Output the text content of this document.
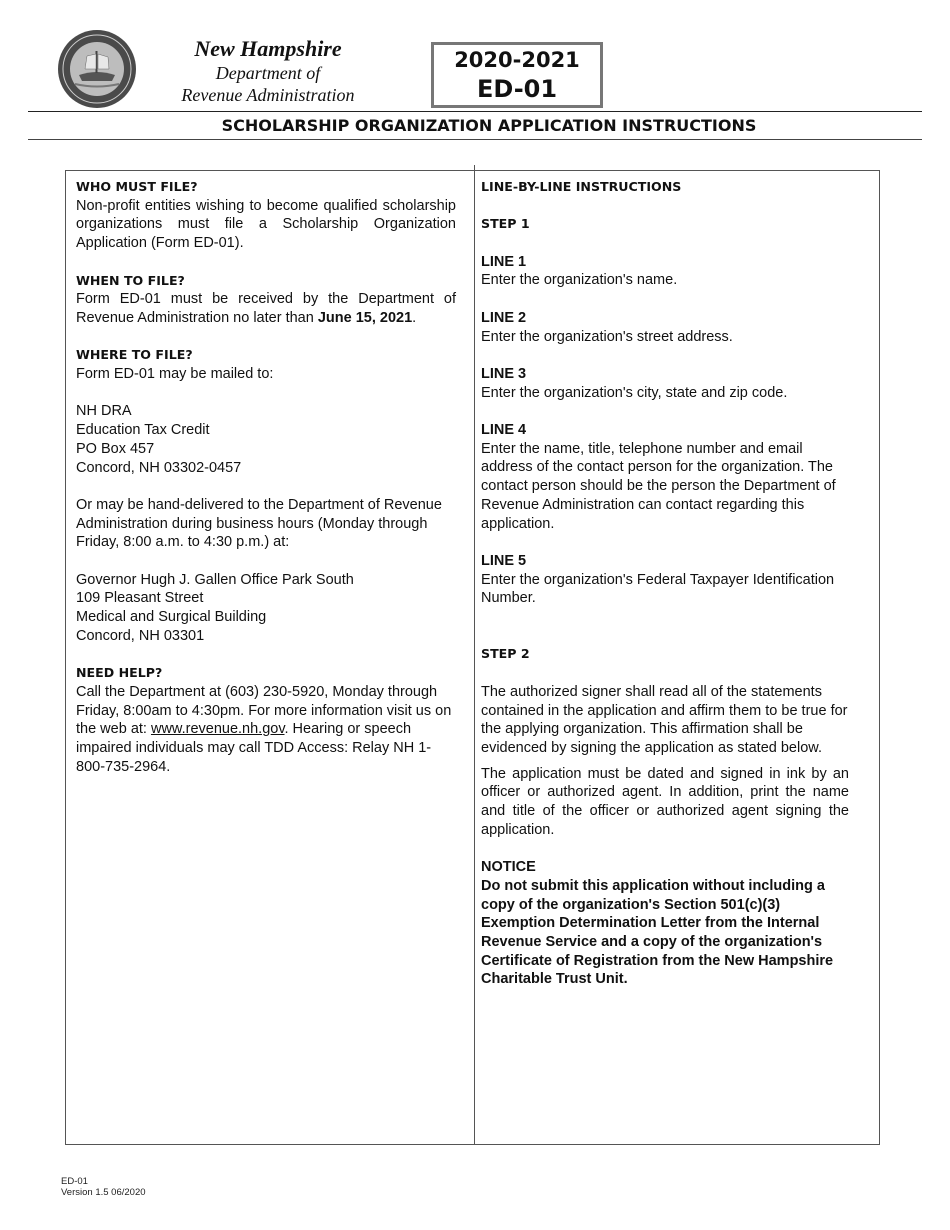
New Hampshire
Department of
Revenue Administration
2020-2021
ED-01
SCHOLARSHIP ORGANIZATION APPLICATION INSTRUCTIONS
WHO MUST FILE?

Non-profit entities wishing to become qualified scholarship organizations must file a Scholarship Organization Application (Form ED-01).

WHEN TO FILE?

Form ED-01 must be received by the Department of Revenue Administration no later than June 15, 2021.

WHERE TO FILE?

Form ED-01 may be mailed to:

NH DRA
Education Tax Credit
PO Box 457
Concord, NH 03302-0457

Or may be hand-delivered to the Department of Revenue Administration during business hours (Monday through Friday, 8:00 a.m. to 4:30 p.m.) at:

Governor Hugh J. Gallen Office Park South
109 Pleasant Street
Medical and Surgical Building
Concord, NH 03301
NEED HELP?

Call the Department at (603) 230-5920, Monday through Friday, 8:00am to 4:30pm. For more information visit us on the web at: www.revenue.nh.gov. Hearing or speech impaired individuals may call TDD Access: Relay NH 1-800-735-2964.

LINE-BY-LINE INSTRUCTIONS
STEP 1
LINE 1

Enter the organization's name.

LINE 2

Enter the organization's street address.

LINE 3

Enter the organization's city, state and zip code.

LINE 4

Enter the name, title, telephone number and email address of the contact person for the organization. The contact person should be the person the Department of Revenue Administration can contact regarding this application.

LINE 5

Enter the organization's Federal Taxpayer Identification Number.

STEP 2

The authorized signer shall read all of the statements contained in the application and affirm them to be true for the applying organization. This affirmation shall be evidenced by signing the application as stated below.

The application must be dated and signed in ink by an officer or authorized agent. In addition, print the name and title of the officer or authorized agent signing the application.

NOTICE

Do not submit this application without including a copy of the organization's Section 501(c)(3) Exemption Determination Letter from the Internal Revenue Service and a copy of the organization's Certificate of Registration from the New Hampshire Charitable Trust Unit.

ED-01
Version 1.5 06/2020
